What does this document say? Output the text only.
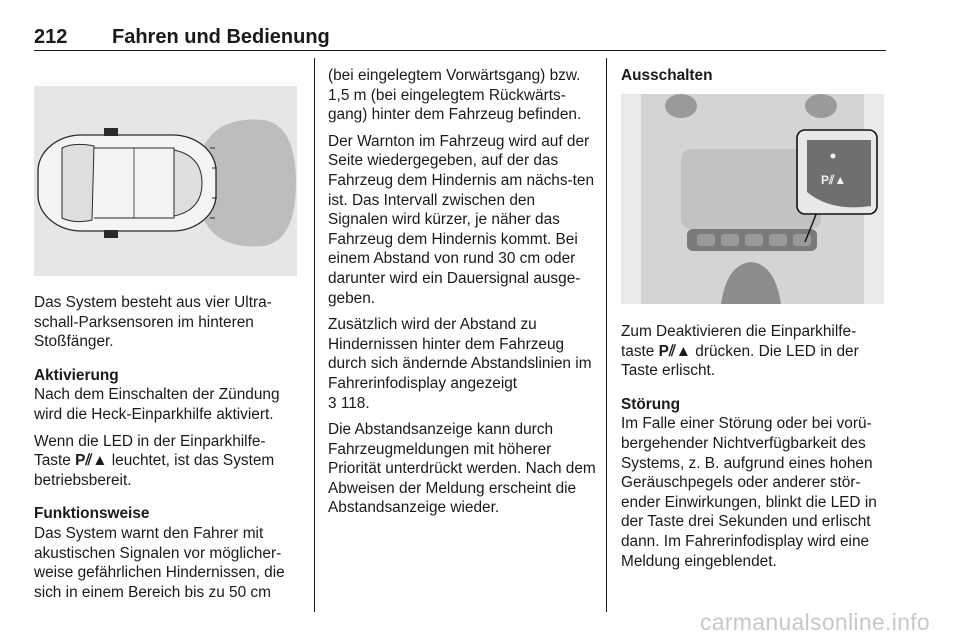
212 Fahren und Bedienung

Das System besteht aus vier Ultra-schall-Parksensoren im hinteren Stoßfänger.

Aktivierung

Nach dem Einschalten der Zündung wird die Heck-Einparkhilfe aktiviert.

Wenn die LED in der Einparkhilfe-Taste P⫽▲ leuchtet, ist das System betriebsbereit.

Funktionsweise

Das System warnt den Fahrer mit akustischen Signalen vor möglicher-weise gefährlichen Hindernissen, die sich in einem Bereich bis zu 50 cm

(bei eingelegtem Vorwärtsgang) bzw. 1,5 m (bei eingelegtem Rückwärts-gang) hinter dem Fahrzeug befinden.

Der Warnton im Fahrzeug wird auf der Seite wiedergegeben, auf der das Fahrzeug dem Hindernis am nächs-ten ist. Das Intervall zwischen den Signalen wird kürzer, je näher das Fahrzeug dem Hindernis kommt. Bei einem Abstand von rund 30 cm oder darunter wird ein Dauersignal ausge-geben.

Zusätzlich wird der Abstand zu Hindernissen hinter dem Fahrzeug durch sich ändernde Abstandslinien im Fahrerinfodisplay angezeigt
3 118.

Die Abstandsanzeige kann durch Fahrzeugmeldungen mit höherer Priorität unterdrückt werden. Nach dem Abweisen der Meldung erscheint die Abstandsanzeige wieder.

Ausschalten
P⫽▲

Zum Deaktivieren die Einparkhilfe-taste P⫽▲ drücken. Die LED in der Taste erlischt.

Störung

Im Falle einer Störung oder bei vorü-bergehender Nichtverfügbarkeit des Systems, z. B. aufgrund eines hohen Geräuschpegels oder anderer stör-ender Einwirkungen, blinkt die LED in der Taste drei Sekunden und erlischt dann. Im Fahrerinfodisplay wird eine Meldung eingeblendet.

carmanualsonline.info
